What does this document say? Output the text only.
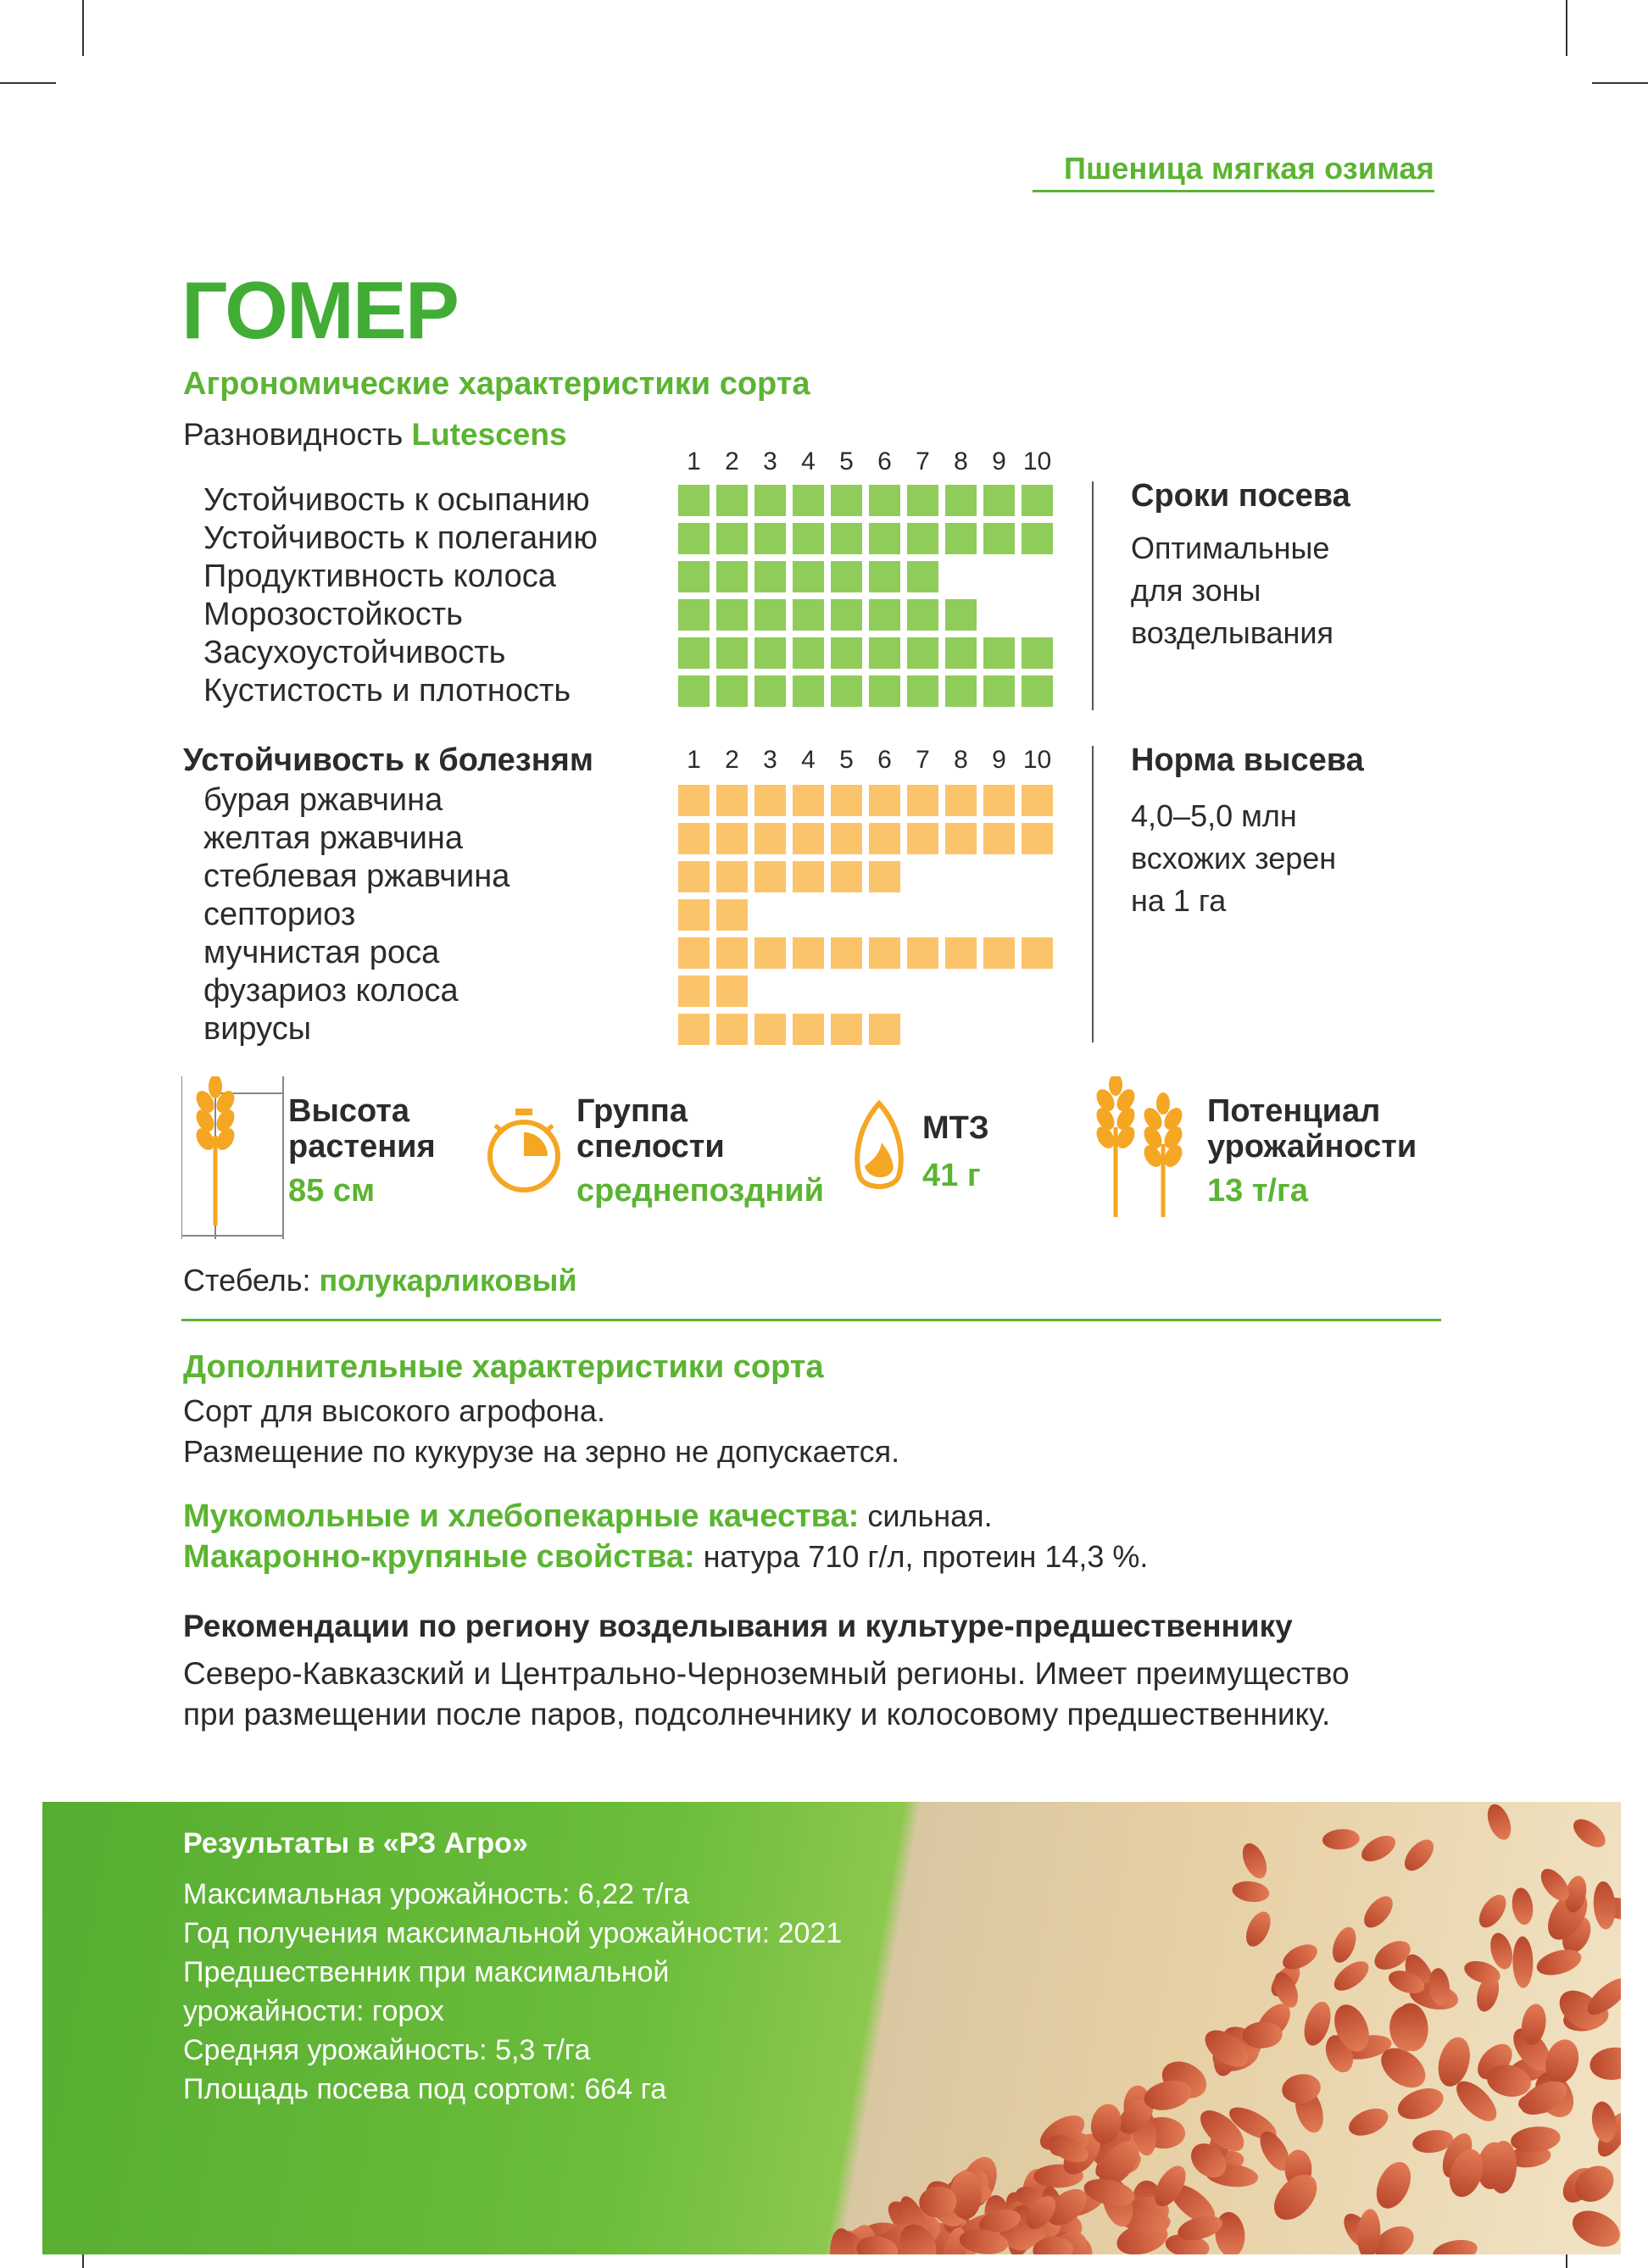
Пшеница мягкая озимая
ГОМЕР
Агрономические характеристики сорта
Разновидность Lutescens
1 2 3 4 5 6 7 8 9 10
Устойчивость к осыпанию
Устойчивость к полеганию
Продуктивность колоса
Морозостойкость
Засухоустойчивость
Кустистость и плотность
Сроки посева
Оптимальные
для зоны
возделывания
Устойчивость к болезням	1 2 3 4 5 6 7 8 9 10
бурая ржавчина
желтая ржавчина
стеблевая ржавчина
септориоз
мучнистая роса
фузариоз колоса
вирусы
Норма высева
4,0–5,0 млн
всхожих зерен
на 1 га
Высота
растения
85 см
Группа
спелости
среднепоздний
МТЗ
41 г
Потенциал
урожайности
13 т/га
Стебель: полукарликовый
Дополнительные характеристики сорта
Сорт для высокого агрофона.
Размещение по кукурузе на зерно не допускается.
Мукомольные и хлебопекарные качества: сильная.
Макаронно-крупяные свойства: натура 710 г/л, протеин 14,3 %.
Рекомендации по региону возделывания и культуре-предшественнику
Северо-Кавказский и Центрально-Черноземный регионы. Имеет преимущество
при размещении после паров, подсолнечнику и колосовому предшественнику.
Результаты в «РЗ Агро»
Максимальная урожайность: 6,22 т/га
Год получения максимальной урожайности: 2021
Предшественник при максимальной
урожайности: горох
Средняя урожайность: 5,3 т/га
Площадь посева под сортом: 664 га
